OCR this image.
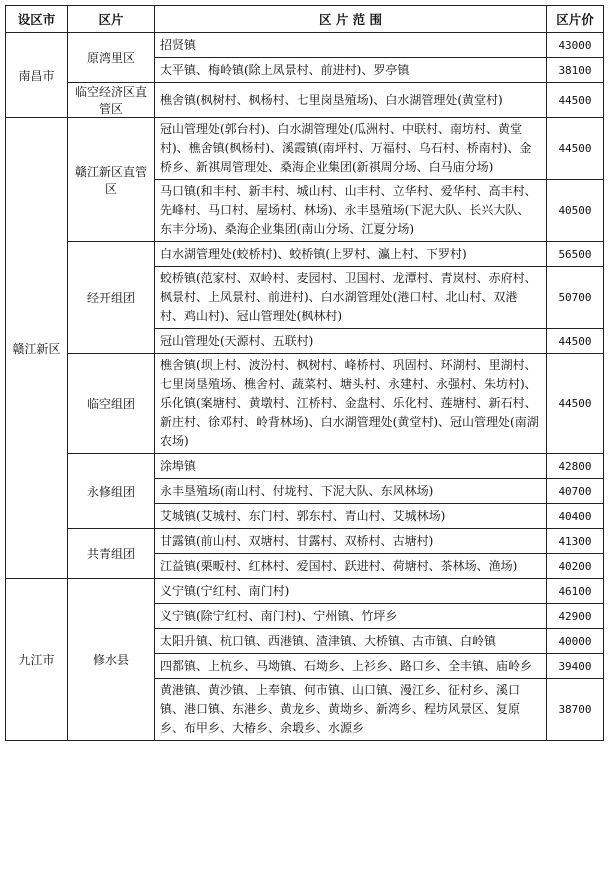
设区市	区片	区 片 范 围	区片价
南昌市	原湾里区	招贤镇	43000
		太平镇、梅岭镇(除上凤景村、前进村)、罗亭镇	38100
	临空经济区直管区	樵舍镇(枫树村、枫杨村、七里岗垦殖场)、白水湖管理处(黄堂村)	44500
赣江新区	赣江新区直管区	冠山管理处(郭台村)、白水湖管理处(瓜洲村、中联村、南坊村、黄堂村)、樵舍镇(枫杨村)、溪霞镇(南坪村、万福村、乌石村、桥南村)、金桥乡、新祺周管理处、桑海企业集团(新祺周分场、白马庙分场)	44500
		马口镇(和丰村、新丰村、城山村、山丰村、立华村、爱华村、高丰村、先峰村、马口村、屋场村、林场)、永丰垦殖场(下泥大队、长兴大队、东丰分场)、桑海企业集团(南山分场、江夏分场)	40500
	经开组团	白水湖管理处(蛟桥村)、蛟桥镇(上罗村、瀛上村、下罗村)	56500
		蛟桥镇(范家村、双岭村、麦园村、卫国村、龙潭村、青岚村、赤府村、枫景村、上凤景村、前进村)、白水湖管理处(港口村、北山村、双港村、鸡山村)、冠山管理处(枫林村)	50700
		冠山管理处(天源村、五联村)	44500
	临空组团	樵舍镇(坝上村、波汾村、枫树村、峰桥村、巩固村、环湖村、里湖村、七里岗垦殖场、樵舍村、蔬菜村、塘头村、永建村、永强村、朱坊村)、乐化镇(案塘村、黄墩村、江桥村、金盘村、乐化村、莲塘村、新石村、新庄村、徐邓村、岭背林场)、白水湖管理处(黄堂村)、冠山管理处(南湖农场)	44500
	永修组团	涂埠镇	42800
		永丰垦殖场(南山村、付垅村、下泥大队、东风林场)	40700
		艾城镇(艾城村、东门村、郭东村、青山村、艾城林场)	40400
	共青组团	甘露镇(前山村、双塘村、甘露村、双桥村、古塘村)	41300
		江益镇(栗畈村、红林村、爱国村、跃进村、荷塘村、茶林场、渔场)	40200
九江市	修水县	义宁镇(宁红村、南门村)	46100
		义宁镇(除宁红村、南门村)、宁州镇、竹坪乡	42900
		太阳升镇、杭口镇、西港镇、渣津镇、大桥镇、古市镇、白岭镇	40000
		四都镇、上杭乡、马坳镇、石坳乡、上衫乡、路口乡、全丰镇、庙岭乡	39400
		黄港镇、黄沙镇、上奉镇、何市镇、山口镇、漫江乡、征村乡、溪口镇、港口镇、东港乡、黄龙乡、黄坳乡、新湾乡、程坊风景区、复原乡、布甲乡、大椿乡、余塅乡、水源乡	38700
